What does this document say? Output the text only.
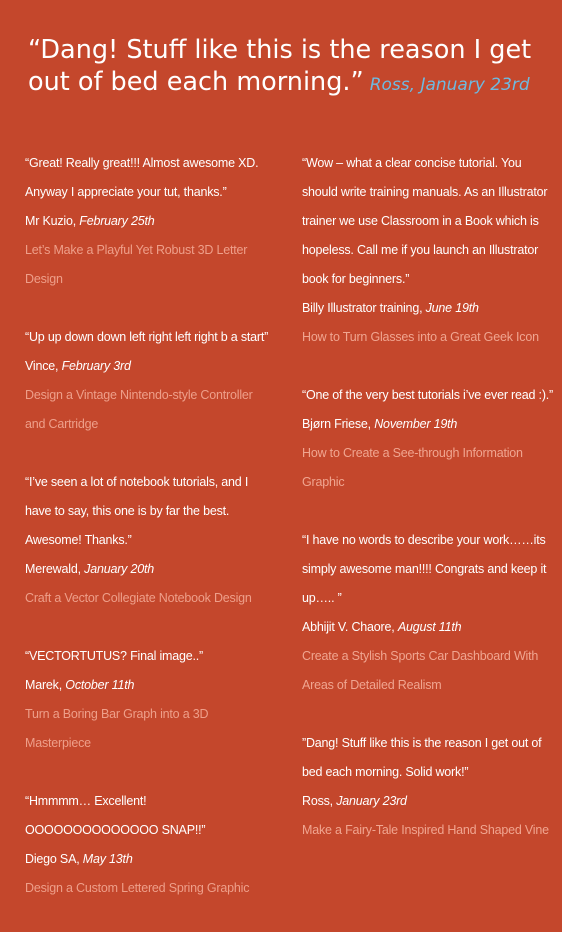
“Dang! Stuff like this is the reason I get out of bed each morning.” Ross, January 23rd
“Great! Really great!!! Almost awesome XD. Anyway I appreciate your tut, thanks.”
Mr Kuzio, February 25th
Let’s Make a Playful Yet Robust 3D Letter Design
“Up up down down left right left right b a start”
Vince, February 3rd
Design a Vintage Nintendo-style Controller and Cartridge
“I’ve seen a lot of notebook tutorials, and I have to say, this one is by far the best. Awesome! Thanks.”
Merewald, January 20th
Craft a Vector Collegiate Notebook Design
“VECTORTUTUS? Final image..”
Marek, October 11th
Turn a Boring Bar Graph into a 3D Masterpiece
“Hmmmm… Excellent! OOOOOOOOOOOOOO SNAP!!”
Diego SA, May 13th
Design a Custom Lettered Spring Graphic
“Wow – what a clear concise tutorial. You should write training manuals. As an Illustrator trainer we use Classroom in a Book which is hopeless. Call me if you launch an Illustrator book for beginners.”
Billy Illustrator training, June 19th
How to Turn Glasses into a Great Geek Icon
“One of the very best tutorials i’ve ever read :).”
Bjørn Friese, November 19th
How to Create a See-through Information Graphic
“I have no words to describe your work……its simply awesome man!!!! Congrats and keep it up….. ”
Abhijit V. Chaore, August 11th
Create a Stylish Sports Car Dashboard With Areas of Detailed Realism
”Dang! Stuff like this is the reason I get out of bed each morning. Solid work!”
Ross, January 23rd
Make a Fairy-Tale Inspired Hand Shaped Vine
